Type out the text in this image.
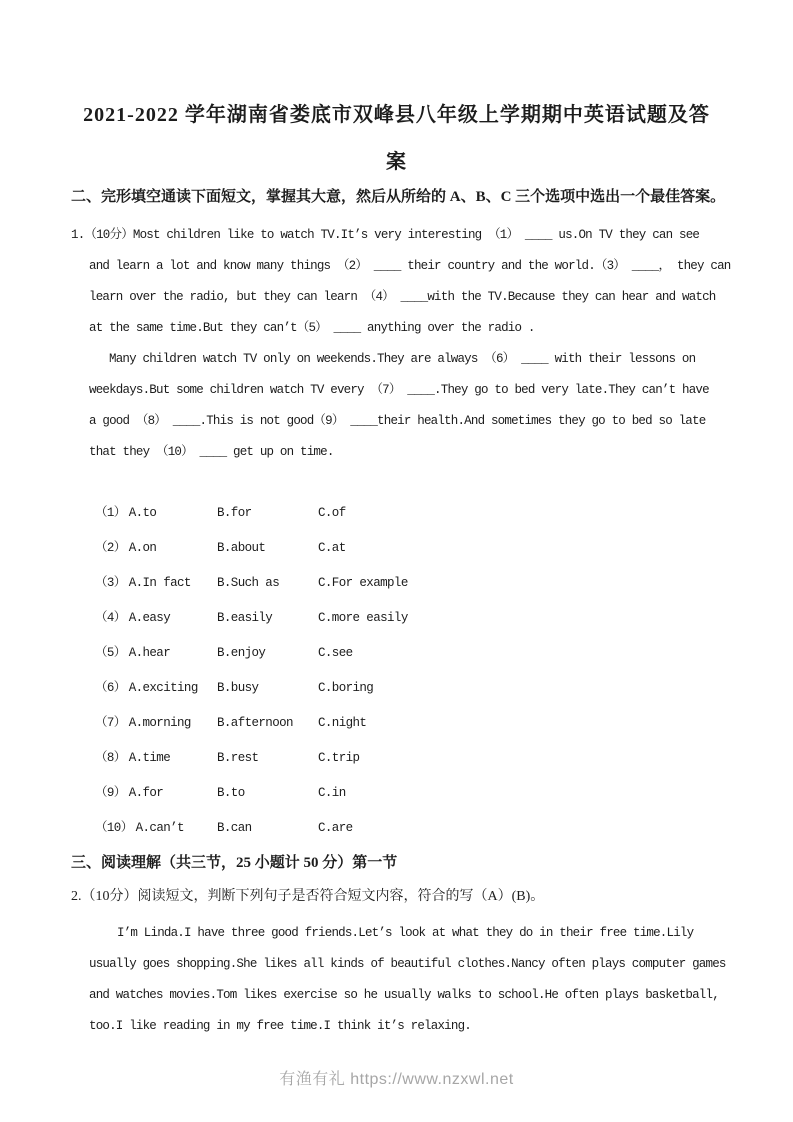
2021-2022 学年湖南省娄底市双峰县八年级上学期期中英语试题及答
案
二、完形填空通读下面短文，掌握其大意，然后从所给的 A、B、C 三个选项中选出一个最佳答案。
1.（10分）Most children like to watch TV.It’s very interesting （1） ____ us.On TV they can see
and learn a lot and know many things （2） ____ their country and the world.（3） ____， they can
learn over the radio, but they can learn （4） ____with the TV.Because they can hear and watch
at the same time.But they can’t（5） ____ anything over the radio .
Many children watch TV only on weekends.They are always （6） ____ with their lessons on
weekdays.But some children watch TV every （7） ____.They go to bed very late.They can’t have
a good （8） ____.This is not good（9） ____their health.And sometimes they go to bed so late
that they （10） ____ get up on time.
（1） A.to	B.for	C.of
（2） A.on	B.about	C.at
（3） A.In fact	B.Such as	C.For example
（4） A.easy	B.easily	C.more easily
（5） A.hear	B.enjoy	C.see
（6） A.exciting	B.busy	C.boring
（7） A.morning	B.afternoon	C.night
（8） A.time	B.rest	C.trip
（9） A.for	B.to	C.in
（10） A.can’t	B.can	C.are
三、阅读理解（共三节，25 小题计 50 分）第一节
2.（10分）阅读短文，判断下列句子是否符合短文内容，符合的写（A）(B)。
I’m Linda.I have three good friends.Let’s look at what they do in their free time.Lily
usually goes shopping.She likes all kinds of beautiful clothes.Nancy often plays computer games
and watches movies.Tom likes exercise so he usually walks to school.He often plays basketball,
too.I like reading in my free time.I think it’s relaxing.
有渔有礼 https://www.nzxwl.net
